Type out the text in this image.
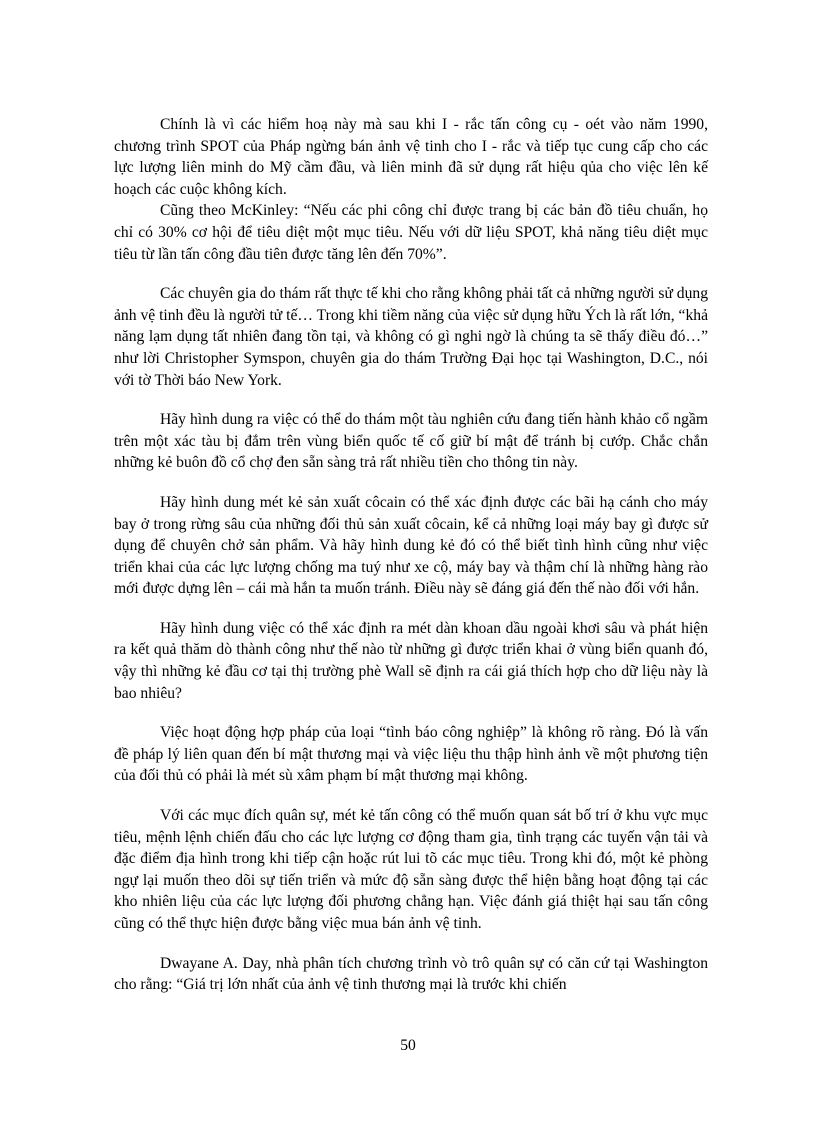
Chính là vì các hiểm hoạ này mà sau khi I - rắc tấn công cụ - oét vào năm 1990, chương trình SPOT của Pháp ngừng bán ảnh vệ tinh cho I - rắc và tiếp tục cung cấp cho các lực lượng liên minh do Mỹ cầm đầu, và liên minh đã sử dụng rất hiệu qủa cho việc lên kế hoạch các cuộc không kích.

Cũng theo McKinley: “Nếu các phi công chỉ được trang bị các bản đồ tiêu chuẩn, họ chỉ có 30% cơ hội để tiêu diệt một mục tiêu. Nếu với dữ liệu SPOT, khả năng tiêu diệt mục tiêu từ lần tấn công đầu tiên được tăng lên đến 70%”.

Các chuyên gia do thám rất thực tế khi cho rằng không phải tất cả những người sử dụng ảnh vệ tinh đều là người tử tế… Trong khi tiềm năng của việc sử dụng hữu Ých là rất lớn, “khả năng lạm dụng tất nhiên đang tồn tại, và không có gì nghi ngờ là chúng ta sẽ thấy điều đó…” như lời Christopher Symspon, chuyên gia do thám Trường Đại học tại Washington, D.C., nói với tờ Thời báo New York.

Hãy hình dung ra việc có thể do thám một tàu nghiên cứu đang tiến hành khảo cổ ngầm trên một xác tàu bị đắm trên vùng biển quốc tế cố giữ bí mật để tránh bị cướp. Chắc chắn những kẻ buôn đồ cổ chợ đen sẵn sàng trả rất nhiều tiền cho thông tin này.

Hãy hình dung mét kẻ sản xuất côcain có thể xác định được các bãi hạ cánh cho máy bay ở trong rừng sâu của những đối thủ sản xuất côcain, kể cả những loại máy bay gì được sử dụng để chuyên chở sản phẩm. Và hãy hình dung kẻ đó có thể biết tình hình cũng như việc triển khai của các lực lượng chống ma tuý như xe cộ, máy bay và thậm chí là những hàng rào mới được dựng lên – cái mà hắn ta muốn tránh. Điều này sẽ đáng giá đến thế nào đối với hắn.

Hãy hình dung việc có thể xác định ra mét dàn khoan dầu ngoài khơi sâu và phát hiện ra kết quả thăm dò thành công như thế nào từ những gì được triển khai ở vùng biển quanh đó, vậy thì những kẻ đầu cơ tại thị trường phè Wall sẽ định ra cái giá thích hợp cho dữ liệu này là bao nhiêu?

Việc hoạt động hợp pháp của loại “tình báo công nghiệp” là không rõ ràng. Đó là vấn đề pháp lý liên quan đến bí mật thương mại và việc liệu thu thập hình ảnh về một phương tiện của đối thủ có phải là mét sù xâm phạm bí mật thương mại không.

Với các mục đích quân sự, mét kẻ tấn công có thể muốn quan sát bố trí ở khu vực mục tiêu, mệnh lệnh chiến đấu cho các lực lượng cơ động tham gia, tình trạng các tuyến vận tải và đặc điểm địa hình trong khi tiếp cận hoặc rút lui tõ các mục tiêu. Trong khi đó, một kẻ phòng ngự lại muốn theo dõi sự tiến triển và mức độ sẵn sàng được thể hiện bằng hoạt động tại các kho nhiên liệu của các lực lượng đối phương chẳng hạn. Việc đánh giá thiệt hại sau tấn công cũng có thể thực hiện được bằng việc mua bán ảnh vệ tinh.

Dwayane A. Day, nhà phân tích chương trình vò trô quân sự có căn cứ tại Washington cho rằng: “Giá trị lớn nhất của ảnh vệ tinh thương mại là trước khi chiến

50
